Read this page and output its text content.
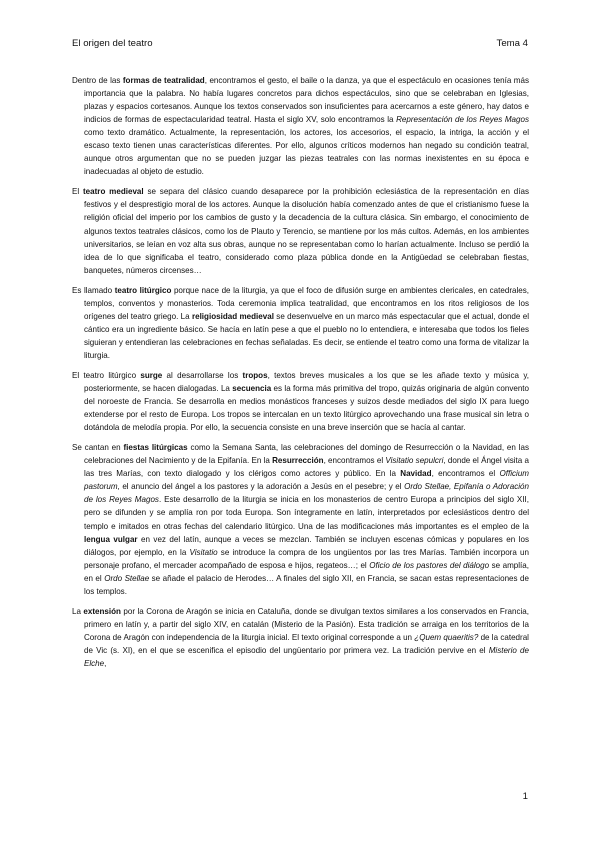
El origen del teatro	Tema 4

Dentro de las formas de teatralidad, encontramos el gesto, el baile o la danza, ya que el espectáculo en ocasiones tenía más importancia que la palabra. No había lugares concretos para dichos espectáculos, sino que se celebraban en Iglesias, plazas y espacios cortesanos. Aunque los textos conservados son insuficientes para acercarnos a este género, hay datos e indicios de formas de espectacularidad teatral. Hasta el siglo XV, solo encontramos la Representación de los Reyes Magos como texto dramático. Actualmente, la representación, los actores, los accesorios, el espacio, la intriga, la acción y el escaso texto tienen unas características diferentes. Por ello, algunos críticos modernos han negado su condición teatral, aunque otros argumentan que no se pueden juzgar las piezas teatrales con las normas inexistentes en su época e inadecuadas al objeto de estudio.

El teatro medieval se separa del clásico cuando desaparece por la prohibición eclesiástica de la representación en días festivos y el desprestigio moral de los actores. Aunque la disolución había comenzado antes de que el cristianismo fuese la religión oficial del imperio por los cambios de gusto y la decadencia de la cultura clásica. Sin embargo, el conocimiento de algunos textos teatrales clásicos, como los de Plauto y Terencio, se mantiene por los más cultos. Además, en los ambientes universitarios, se leían en voz alta sus obras, aunque no se representaban como lo harían actualmente. Incluso se perdió la idea de lo que significaba el teatro, considerado como plaza pública donde en la Antigüedad se celebraban fiestas, banquetes, números circenses…

Es llamado teatro litúrgico porque nace de la liturgia, ya que el foco de difusión surge en ambientes clericales, en catedrales, templos, conventos y monasterios. Toda ceremonia implica teatralidad, que encontramos en los ritos religiosos de los orígenes del teatro griego. La religiosidad medieval se desenvuelve en un marco más espectacular que el actual, donde el cántico era un ingrediente básico. Se hacía en latín pese a que el pueblo no lo entendiera, e interesaba que todos los fieles siguieran y entendieran las celebraciones en fechas señaladas. Es decir, se entiende el teatro como una forma de vitalizar la liturgia.

El teatro litúrgico surge al desarrollarse los tropos, textos breves musicales a los que se les añade texto y música y, posteriormente, se hacen dialogadas. La secuencia es la forma más primitiva del tropo, quizás originaria de algún convento del noroeste de Francia. Se desarrolla en medios monásticos franceses y suizos desde mediados del siglo IX para luego extenderse por el resto de Europa. Los tropos se intercalan en un texto litúrgico aprovechando una frase musical sin letra o dotándola de melodía propia. Por ello, la secuencia consiste en una breve inserción que se hacía al cantar.

Se cantan en fiestas litúrgicas como la Semana Santa, las celebraciones del domingo de Resurrección o la Navidad, en las celebraciones del Nacimiento y de la Epifanía. En la Resurrección, encontramos el Visitatio sepulcri, donde el Ángel visita a las tres Marías, con texto dialogado y los clérigos como actores y público. En la Navidad, encontramos el Officium pastorum, el anuncio del ángel a los pastores y la adoración a Jesús en el pesebre; y el Ordo Stellae, Epifanía o Adoración de los Reyes Magos. Este desarrollo de la liturgia se inicia en los monasterios de centro Europa a principios del siglo XII, pero se difunden y se amplía ron por toda Europa. Son íntegramente en latín, interpretados por eclesiásticos dentro del templo e imitados en otras fechas del calendario litúrgico. Una de las modificaciones más importantes es el empleo de la lengua vulgar en vez del latín, aunque a veces se mezclan. También se incluyen escenas cómicas y populares en los diálogos, por ejemplo, en la Visitatio se introduce la compra de los ungüentos por las tres Marías. También incorpora un personaje profano, el mercader acompañado de esposa e hijos, regateos…; el Oficio de los pastores del diálogo se amplía, en el Ordo Stellae se añade el palacio de Herodes… A finales del siglo XII, en Francia, se sacan estas representaciones de los templos.

La extensión por la Corona de Aragón se inicia en Cataluña, donde se divulgan textos similares a los conservados en Francia, primero en latín y, a partir del siglo XIV, en catalán (Misterio de la Pasión). Esta tradición se arraiga en los territorios de la Corona de Aragón con independencia de la liturgia inicial. El texto original corresponde a un ¿Quem quaeritis? de la catedral de Vic (s. XI), en el que se escenifica el episodio del ungüentario por primera vez. La tradición pervive en el Misterio de Elche,

1
